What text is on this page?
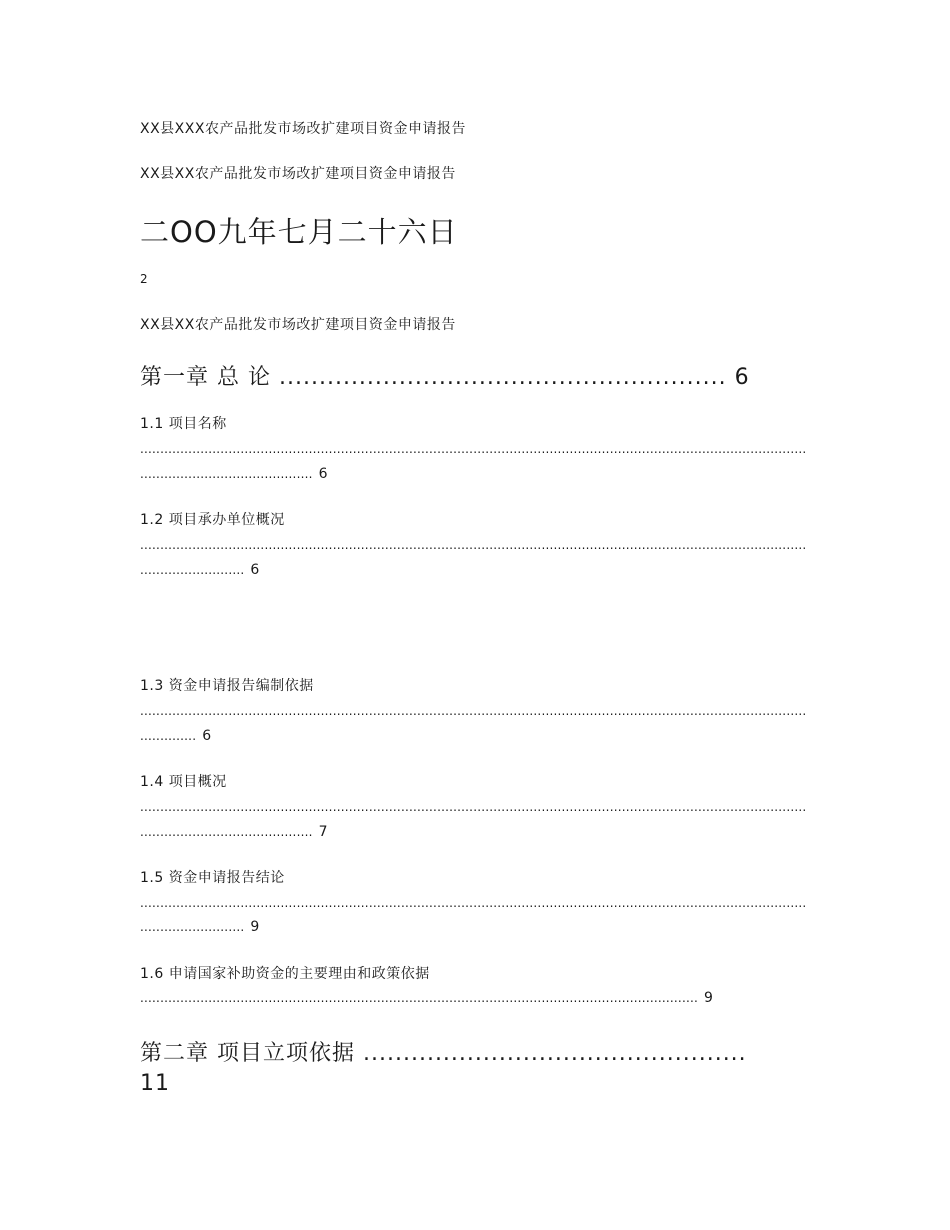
XX县XXX农产品批发市场改扩建项目资金申请报告

XX县XX农产品批发市场改扩建项目资金申请报告

二OO九年七月二十六日

2

XX县XX农产品批发市场改扩建项目资金申请报告

第一章 总 论 ........................................................ 6

1.1 项目名称

......................................................................................................................................................................
........................................... 6

1.2 项目承办单位概况

......................................................................................................................................................................
.......................... 6

1.3 资金申请报告编制依据

......................................................................................................................................................................
.............. 6

1.4 项目概况

......................................................................................................................................................................
........................................... 7

1.5 资金申请报告结论

......................................................................................................................................................................
.......................... 9

1.6 申请国家补助资金的主要理由和政策依据

........................................................................................................................................... 9

第二章 项目立项依据 ................................................

11
